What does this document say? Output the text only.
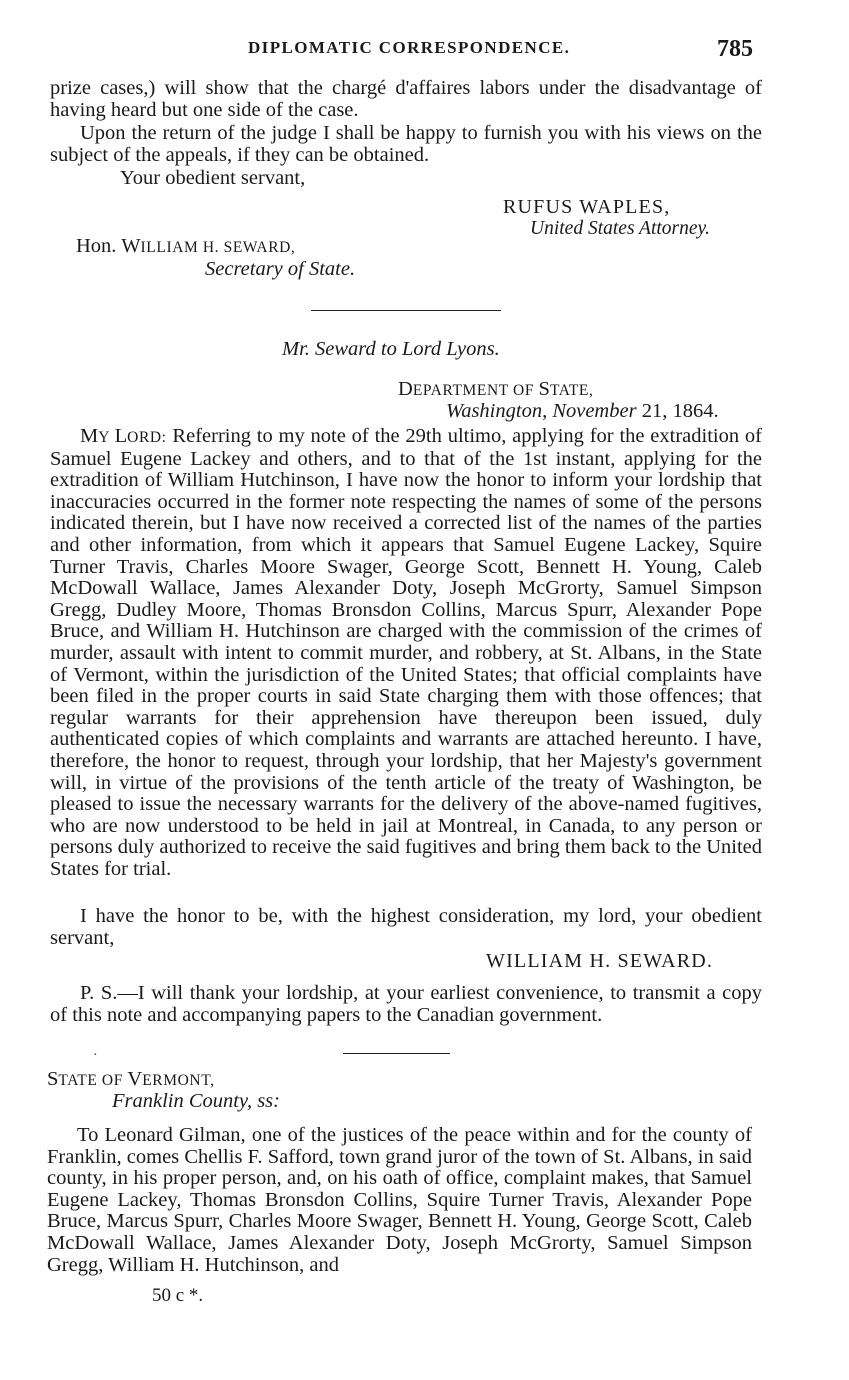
DIPLOMATIC CORRESPONDENCE.	785

prize cases,) will show that the chargé d'affaires labors under the disadvantage of having heard but one side of the case.

Upon the return of the judge I shall be happy to furnish you with his views on the subject of the appeals, if they can be obtained.

Your obedient servant,
RUFUS WAPLES,
United States Attorney.
Hon. WILLIAM H. SEWARD,
Secretary of State.
Mr. Seward to Lord Lyons.
DEPARTMENT OF STATE,
Washington, November 21, 1864.

MY LORD: Referring to my note of the 29th ultimo, applying for the extradition of Samuel Eugene Lackey and others, and to that of the 1st instant, applying for the extradition of William Hutchinson, I have now the honor to inform your lordship that inaccuracies occurred in the former note respecting the names of some of the persons indicated therein, but I have now received a corrected list of the names of the parties and other information, from which it appears that Samuel Eugene Lackey, Squire Turner Travis, Charles Moore Swager, George Scott, Bennett H. Young, Caleb McDowall Wallace, James Alexander Doty, Joseph McGrorty, Samuel Simpson Gregg, Dudley Moore, Thomas Bronsdon Collins, Marcus Spurr, Alexander Pope Bruce, and William H. Hutchinson are charged with the commission of the crimes of murder, assault with intent to commit murder, and robbery, at St. Albans, in the State of Vermont, within the jurisdiction of the United States; that official complaints have been filed in the proper courts in said State charging them with those offences; that regular warrants for their apprehension have thereupon been issued, duly authenticated copies of which complaints and warrants are attached hereunto. I have, therefore, the honor to request, through your lordship, that her Majesty's government will, in virtue of the provisions of the tenth article of the treaty of Washington, be pleased to issue the necessary warrants for the delivery of the above-named fugitives, who are now understood to be held in jail at Montreal, in Canada, to any person or persons duly authorized to receive the said fugitives and bring them back to the United States for trial.

I have the honor to be, with the highest consideration, my lord, your obedient servant,

WILLIAM H. SEWARD.

P. S.—I will thank your lordship, at your earliest convenience, to transmit a copy of this note and accompanying papers to the Canadian government.

·
STATE OF VERMONT,
Franklin County, ss:

To Leonard Gilman, one of the justices of the peace within and for the county of Franklin, comes Chellis F. Safford, town grand juror of the town of St. Albans, in said county, in his proper person, and, on his oath of office, complaint makes, that Samuel Eugene Lackey, Thomas Bronsdon Collins, Squire Turner Travis, Alexander Pope Bruce, Marcus Spurr, Charles Moore Swager, Bennett H. Young, George Scott, Caleb McDowall Wallace, James Alexander Doty, Joseph McGrorty, Samuel Simpson Gregg, William H. Hutchinson, and

50 c *.
